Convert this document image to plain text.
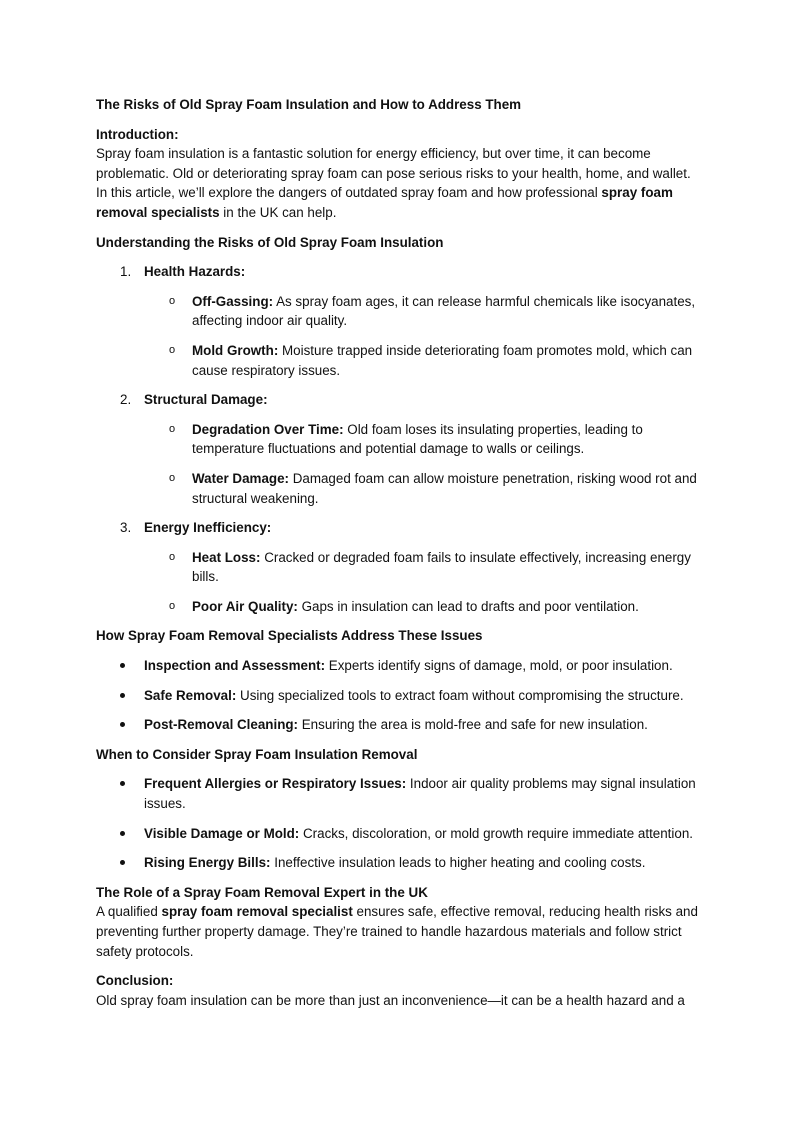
The Risks of Old Spray Foam Insulation and How to Address Them

Introduction:

Spray foam insulation is a fantastic solution for energy efficiency, but over time, it can become problematic. Old or deteriorating spray foam can pose serious risks to your health, home, and wallet. In this article, we’ll explore the dangers of outdated spray foam and how professional spray foam removal specialists in the UK can help.

Understanding the Risks of Old Spray Foam Insulation

1. Health Hazards:
o Off-Gassing: As spray foam ages, it can release harmful chemicals like isocyanates, affecting indoor air quality.
o Mold Growth: Moisture trapped inside deteriorating foam promotes mold, which can cause respiratory issues.
2. Structural Damage:
o Degradation Over Time: Old foam loses its insulating properties, leading to temperature fluctuations and potential damage to walls or ceilings.
o Water Damage: Damaged foam can allow moisture penetration, risking wood rot and structural weakening.
3. Energy Inefficiency:
o Heat Loss: Cracked or degraded foam fails to insulate effectively, increasing energy bills.
o Poor Air Quality: Gaps in insulation can lead to drafts and poor ventilation.

How Spray Foam Removal Specialists Address These Issues

Inspection and Assessment: Experts identify signs of damage, mold, or poor insulation.
Safe Removal: Using specialized tools to extract foam without compromising the structure.
Post-Removal Cleaning: Ensuring the area is mold-free and safe for new insulation.

When to Consider Spray Foam Insulation Removal

Frequent Allergies or Respiratory Issues: Indoor air quality problems may signal insulation issues.
Visible Damage or Mold: Cracks, discoloration, or mold growth require immediate attention.
Rising Energy Bills: Ineffective insulation leads to higher heating and cooling costs.

The Role of a Spray Foam Removal Expert in the UK

A qualified spray foam removal specialist ensures safe, effective removal, reducing health risks and preventing further property damage. They’re trained to handle hazardous materials and follow strict safety protocols.

Conclusion:

Old spray foam insulation can be more than just an inconvenience—it can be a health hazard and a
